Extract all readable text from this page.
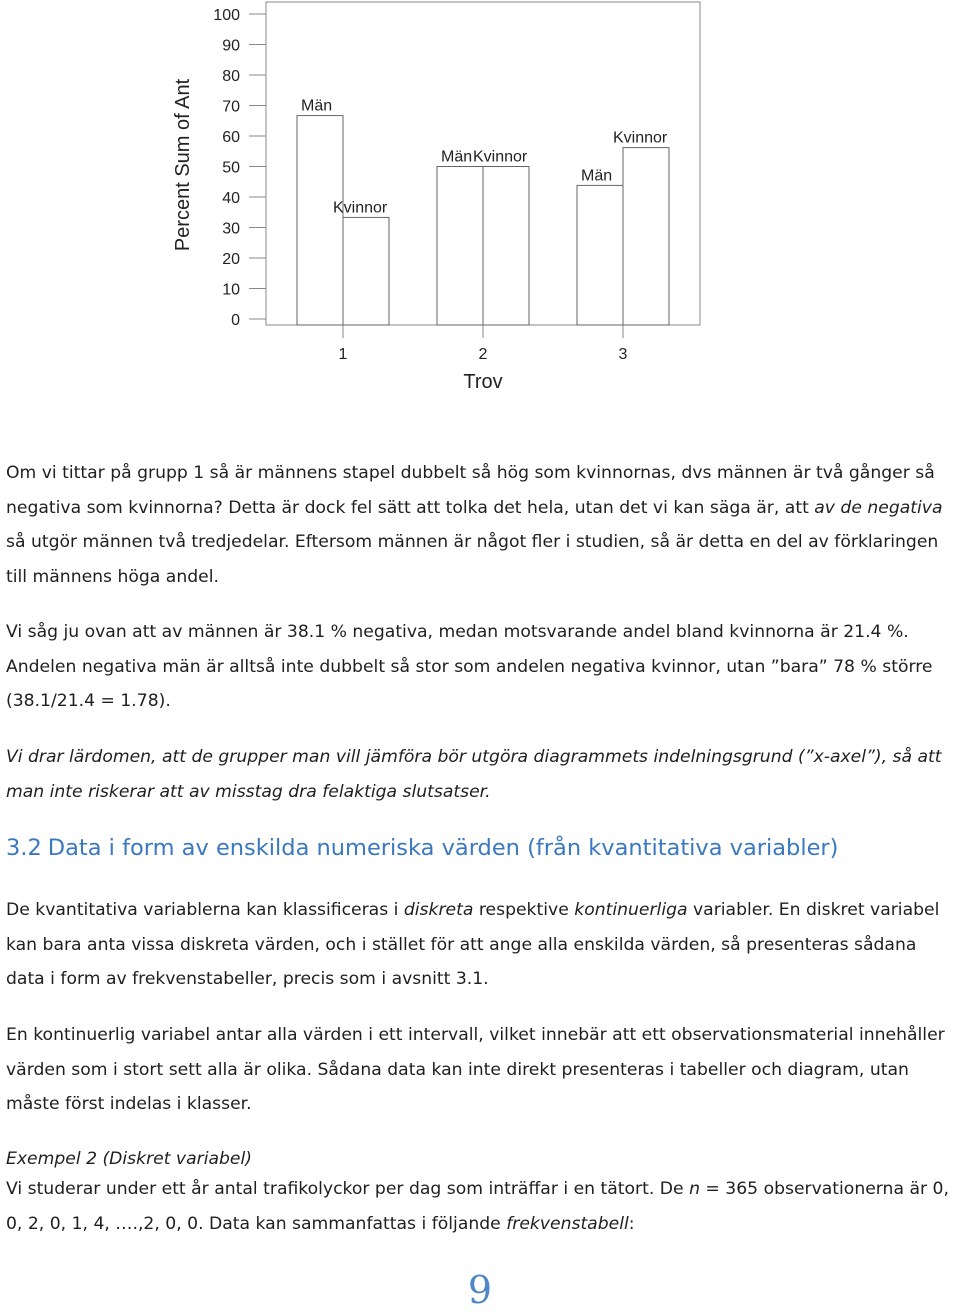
0
10
20
30
40
50
60
70
80
90
100
Män
Kvinnor
Män Kvinnor
Män
Kvinnor
1	2	3
Percent Sum of Ant
Trov

Om vi tittar på grupp 1 så är männens stapel dubbelt så hög som kvinnornas, dvs männen är två gånger så negativa som kvinnorna? Detta är dock fel sätt att tolka det hela, utan det vi kan säga är, att av de negativa så utgör männen två tredjedelar. Eftersom männen är något fler i studien, så är detta en del av förklaringen till männens höga andel.

Vi såg ju ovan att av männen är 38.1 % negativa, medan motsvarande andel bland kvinnorna är 21.4 %. Andelen negativa män är alltså inte dubbelt så stor som andelen negativa kvinnor, utan ”bara” 78 % större (38.1/21.4 = 1.78).

Vi drar lärdomen, att de grupper man vill jämföra bör utgöra diagrammets indelningsgrund (”x-axel”), så att man inte riskerar att av misstag dra felaktiga slutsatser.

3.2 Data i form av enskilda numeriska värden (från kvantitativa variabler)

De kvantitativa variablerna kan klassificeras i diskreta respektive kontinuerliga variabler. En diskret variabel kan bara anta vissa diskreta värden, och i stället för att ange alla enskilda värden, så presenteras sådana data i form av frekvenstabeller, precis som i avsnitt 3.1.

En kontinuerlig variabel antar alla värden i ett intervall, vilket innebär att ett observationsmaterial innehåller värden som i stort sett alla är olika. Sådana data kan inte direkt presenteras i tabeller och diagram, utan måste först indelas i klasser.

Exempel 2 (Diskret variabel)

Vi studerar under ett år antal trafikolyckor per dag som inträffar i en tätort. De n = 365 observationerna är 0, 0, 2, 0, 1, 4, ….,2, 0, 0. Data kan sammanfattas i följande frekvenstabell:

9
